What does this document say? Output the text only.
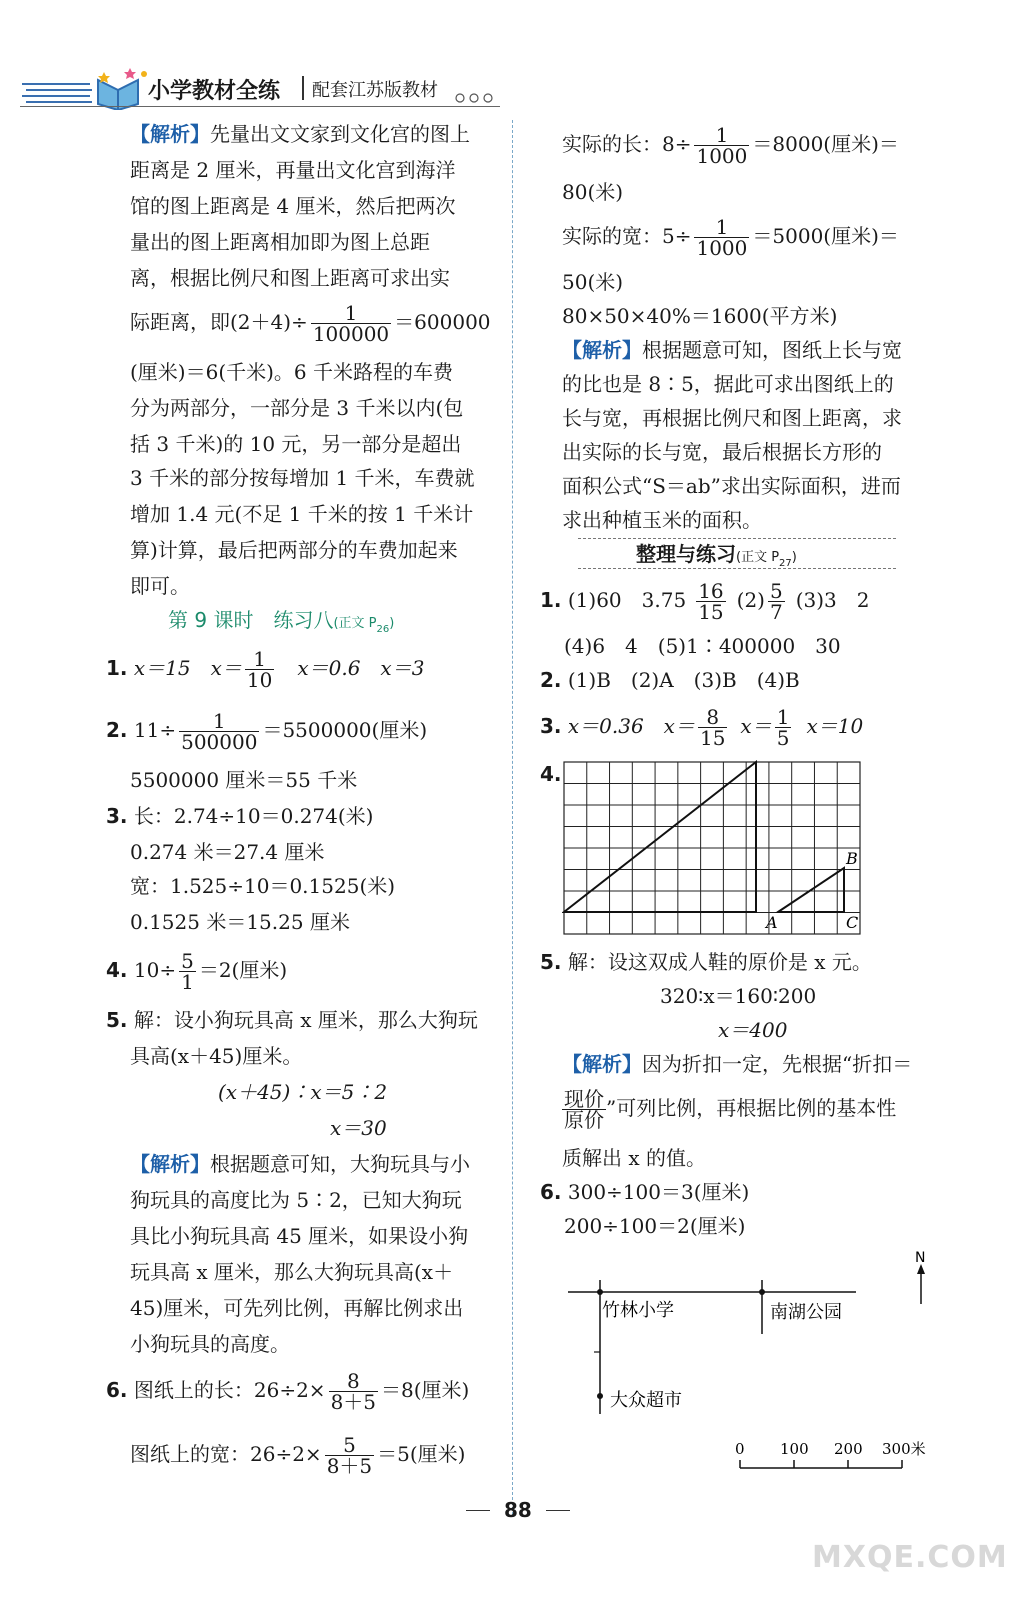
小学教材全练 配套江苏版教材
【解析】先量出文文家到文化宫的图上
距离是 2 厘米，再量出文化宫到海洋
馆的图上距离是 4 厘米，然后把两次
量出的图上距离相加即为图上总距
离，根据比例尺和图上距离可求出实
际距离，即$(2+4)\div \frac{1}{100000} =600000$
(厘米)＝6(千米)。6 千米路程的车费
分为两部分，一部分是 3 千米以内(包
括 3 千米)的 10 元，另一部分是超出
3 千米的部分按每增加 1 千米，车费就
增加 1.4 元(不足 1 千米的按 1 千米计
算)计算，最后把两部分的车费加起来
即可。
第 9 课时　练习八(正文 $P_{26}$)
1. x＝15　$x= \frac{1}{10}$ 　x＝0.6　x＝3
2. $11\div \frac{1}{500000} =5500000$(厘米)
5500000 厘米＝55 千米
3. 长：2.74÷10＝0.274(米)
0.274 米＝27.4 厘米
宽：1.525÷10＝0.1525(米)
0.1525 米＝15.25 厘米
4. $10\div \frac{5}{1} =2$(厘米)
5. 解：设小狗玩具高 x 厘米，那么大狗玩
具高(x＋45)厘米。
(x＋45)∶x＝5∶2
x＝30
【解析】根据题意可知，大狗玩具与小
狗玩具的高度比为 5∶2，已知大狗玩
具比小狗玩具高 45 厘米，如果设小狗
玩具高 x 厘米，那么大狗玩具高(x＋
45)厘米，可先列比例，再解比例求出
小狗玩具的高度。
6. 图纸上的长：$26\div 2\times \frac{8}{8+5} =8$(厘米)
图纸上的宽：$26\div 2\times \frac{5}{8+5} =5$(厘米)
实际的长：$8\div \frac{1}{1000} =8000$(厘米)＝
80(米)
实际的宽：$5\div \frac{1}{1000} =5000$(厘米)＝
50(米)
80×50×40%＝1600(平方米)
【解析】根据题意可知，图纸上长与宽
的比也是 8∶5，据此可求出图纸上的
长与宽，再根据比例尺和图上距离，求
出实际的长与宽，最后根据长方形的
面积公式“S＝ab”求出实际面积，进而
求出种植玉米的面积。
整理与练习(正文 $P_{27}$)
1. (1)60　$3.75 \frac{16}{15} (2) \frac{5}{7} (3)3$　2
(4)6　4　(5)1∶400000　30
2. (1)B　(2)A　(3)B　(4)B
3. x＝0.36　$x= \frac{8}{15} x= \frac{1}{5} x=10$
4.
A
B
C
5. 解：设这双成人鞋的原价是 x 元。
320∶x＝160∶200
x＝400
【解析】因为折扣一定，先根据“折扣＝
$\frac{\text{现价}}{\text{原价}}$ ”可列比例，再根据比例的基本性
质解出 x 的值。
6. 300÷100＝3(厘米)
200÷100＝2(厘米)
N
竹林小学	南湖公园
大众超市
0 100 200 300米
88
MXQE.COM
